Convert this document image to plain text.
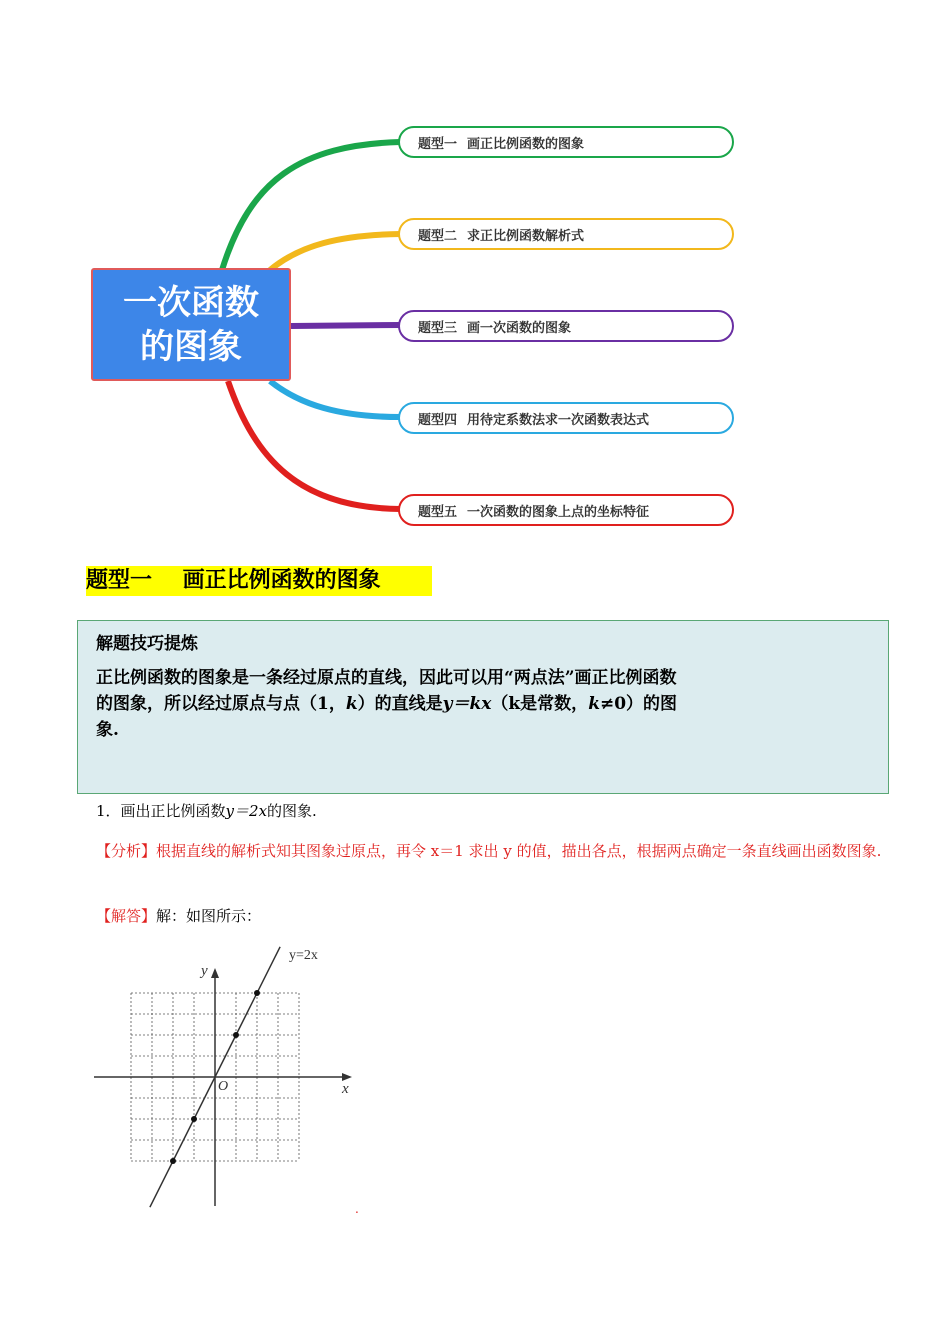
一次函数
的图象
题型一 画正比例函数的图象
题型二 求正比例函数解析式
题型三 画一次函数的图象
题型四 用待定系数法求一次函数表达式
题型五 一次函数的图象上点的坐标特征
题型一    画正比例函数的图象
解题技巧提炼
正比例函数的图象是一条经过原点的直线，因此可以用“两点法”画正比例函数
的图象，所以经过原点与点（1，k）的直线是y＝kx（k是常数，k≠0）的图
象.
1．画出正比例函数y＝2x的图象.
【分析】根据直线的解析式知其图象过原点，再令 x＝1 求出 y 的值，描出各点，根据两点确定一条直线画出函数图象.
【解答】解：如图所示：
y=2x
x
y
O
.
